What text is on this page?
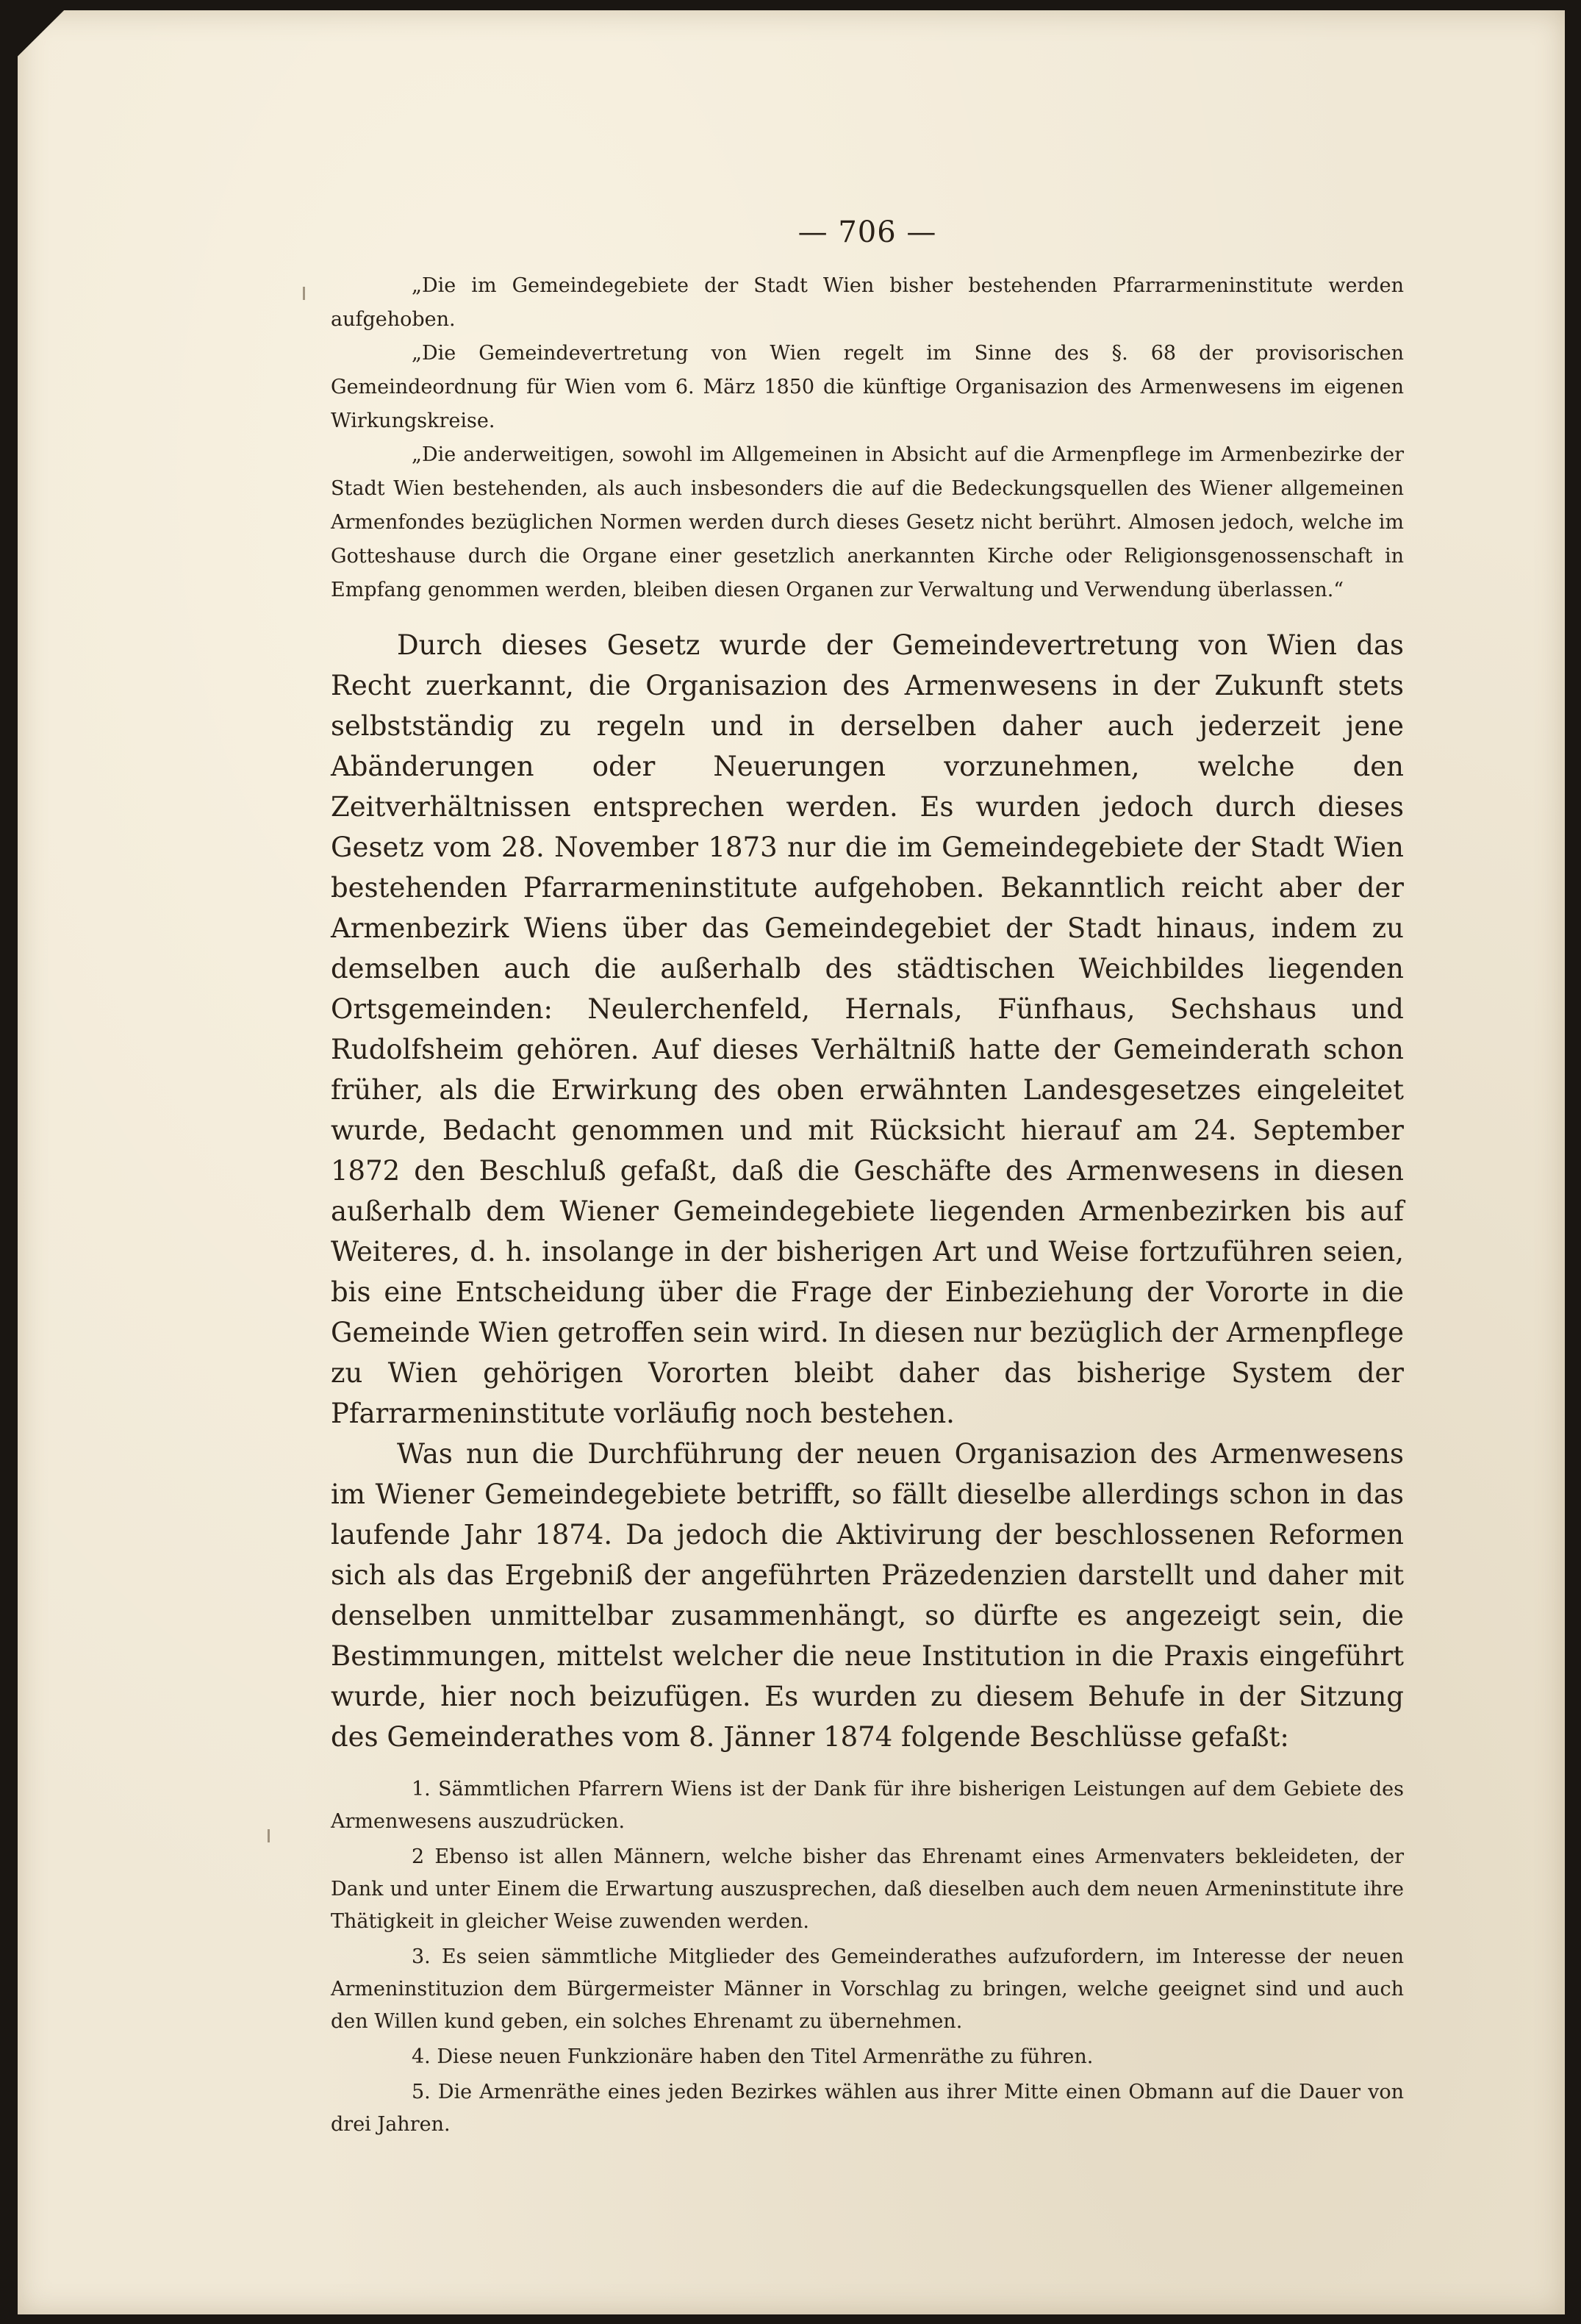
— 706 —

„Die im Gemeindegebiete der Stadt Wien bisher bestehenden Pfarrarmeninstitute werden aufgehoben.

„Die Gemeindevertretung von Wien regelt im Sinne des §. 68 der provisorischen Gemeindeordnung für Wien vom 6. März 1850 die künftige Organisazion des Armenwesens im eigenen Wirkungskreise.

„Die anderweitigen, sowohl im Allgemeinen in Absicht auf die Armenpflege im Armenbezirke der Stadt Wien bestehenden, als auch insbesonders die auf die Bedeckungsquellen des Wiener allgemeinen Armenfondes bezüglichen Normen werden durch dieses Gesetz nicht berührt. Almosen jedoch, welche im Gotteshause durch die Organe einer gesetzlich anerkannten Kirche oder Religionsgenossenschaft in Empfang genommen werden, bleiben diesen Organen zur Verwaltung und Verwendung überlassen.“

Durch dieses Gesetz wurde der Gemeindevertretung von Wien das Recht zuerkannt, die Organisazion des Armenwesens in der Zukunft stets selbstständig zu regeln und in derselben daher auch jederzeit jene Abänderungen oder Neuerungen vorzunehmen, welche den Zeitverhältnissen entsprechen werden. Es wurden jedoch durch dieses Gesetz vom 28. November 1873 nur die im Gemeindegebiete der Stadt Wien bestehenden Pfarrarmeninstitute aufgehoben. Bekanntlich reicht aber der Armenbezirk Wiens über das Gemeindegebiet der Stadt hinaus, indem zu demselben auch die außerhalb des städtischen Weichbildes liegenden Ortsgemeinden: Neulerchenfeld, Hernals, Fünfhaus, Sechshaus und Rudolfsheim gehören. Auf dieses Verhältniß hatte der Gemeinderath schon früher, als die Erwirkung des oben erwähnten Landesgesetzes eingeleitet wurde, Bedacht genommen und mit Rücksicht hierauf am 24. September 1872 den Beschluß gefaßt, daß die Geschäfte des Armenwesens in diesen außerhalb dem Wiener Gemeindegebiete liegenden Armenbezirken bis auf Weiteres, d. h. insolange in der bisherigen Art und Weise fortzuführen seien, bis eine Entscheidung über die Frage der Einbeziehung der Vororte in die Gemeinde Wien getroffen sein wird. In diesen nur bezüglich der Armenpflege zu Wien gehörigen Vororten bleibt daher das bisherige System der Pfarrarmeninstitute vorläufig noch bestehen.

Was nun die Durchführung der neuen Organisazion des Armenwesens im Wiener Gemeindegebiete betrifft, so fällt dieselbe allerdings schon in das laufende Jahr 1874. Da jedoch die Aktivirung der beschlossenen Reformen sich als das Ergebniß der angeführten Präzedenzien darstellt und daher mit denselben unmittelbar zusammenhängt, so dürfte es angezeigt sein, die Bestimmungen, mittelst welcher die neue Institution in die Praxis eingeführt wurde, hier noch beizufügen. Es wurden zu diesem Behufe in der Sitzung des Gemeinderathes vom 8. Jänner 1874 folgende Beschlüsse gefaßt:

1. Sämmtlichen Pfarrern Wiens ist der Dank für ihre bisherigen Leistungen auf dem Gebiete des Armenwesens auszudrücken.

2 Ebenso ist allen Männern, welche bisher das Ehrenamt eines Armenvaters bekleideten, der Dank und unter Einem die Erwartung auszusprechen, daß dieselben auch dem neuen Armeninstitute ihre Thätigkeit in gleicher Weise zuwenden werden.

3. Es seien sämmtliche Mitglieder des Gemeinderathes aufzufordern, im Interesse der neuen Armeninstituzion dem Bürgermeister Männer in Vorschlag zu bringen, welche geeignet sind und auch den Willen kund geben, ein solches Ehrenamt zu übernehmen.

4. Diese neuen Funkzionäre haben den Titel Armenräthe zu führen.

5. Die Armenräthe eines jeden Bezirkes wählen aus ihrer Mitte einen Obmann auf die Dauer von drei Jahren.
